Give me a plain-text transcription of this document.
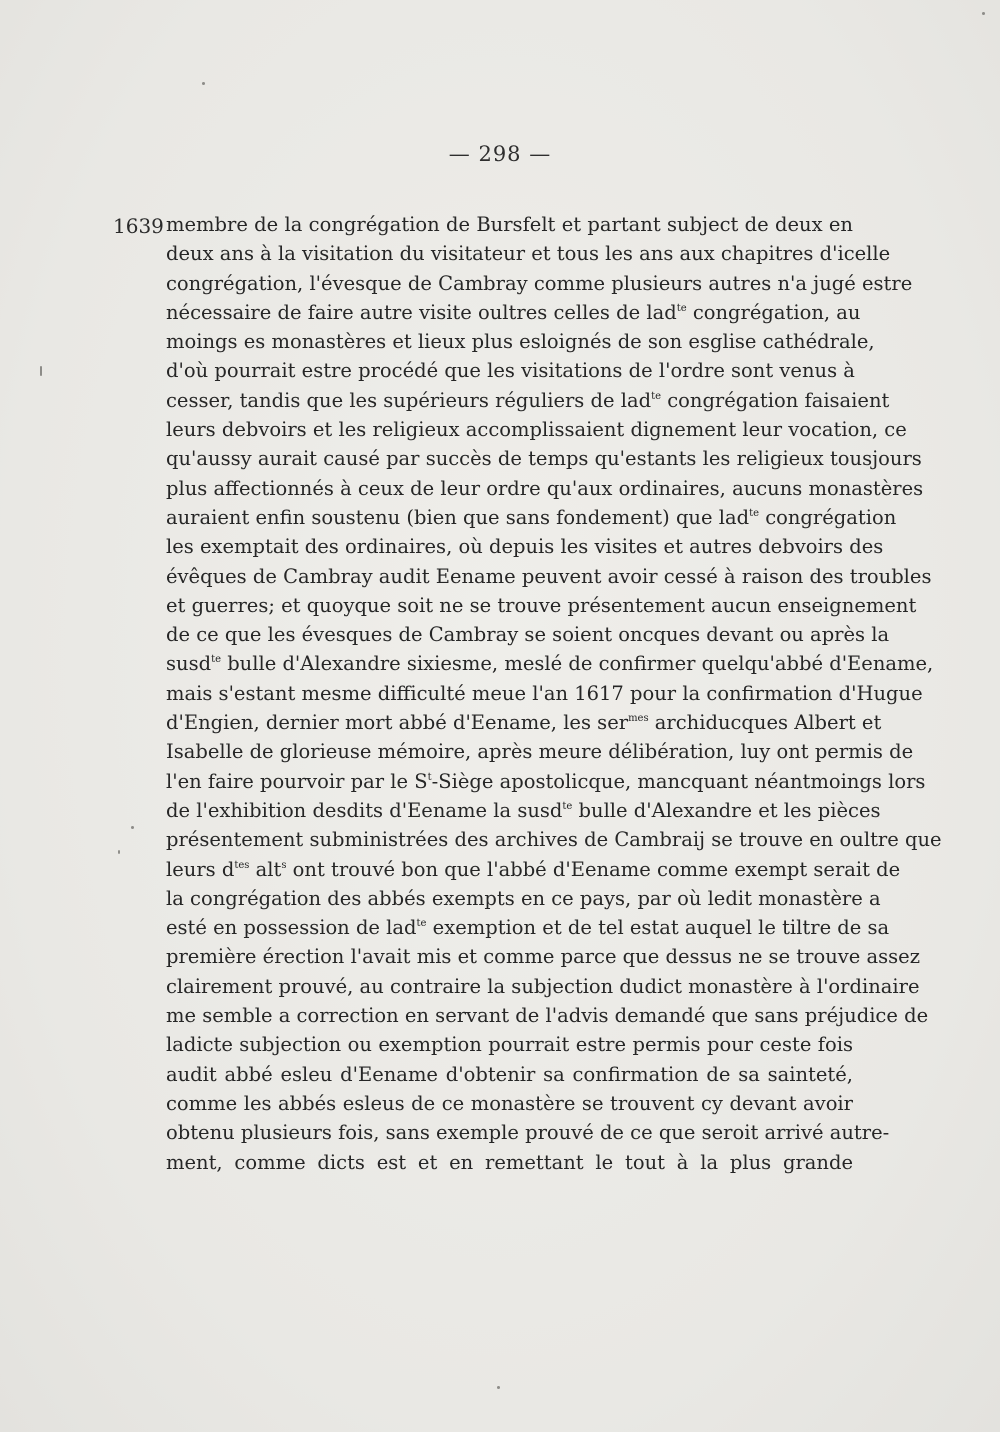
— 298 —
1639 membre de la congrégation de Bursfelt et partant subject de deux en
deux ans à la visitation du visitateur et tous les ans aux chapitres d'icelle
congrégation, l'évesque de Cambray comme plusieurs autres n'a jugé estre
nécessaire de faire autre visite oultres celles de lad$^{te}$ congrégation, au
moings es monastères et lieux plus esloignés de son esglise cathédrale,
d'où pourrait estre procédé que les visitations de l'ordre sont venus à
cesser, tandis que les supérieurs réguliers de lad$^{te}$ congrégation faisaient
leurs debvoirs et les religieux accomplissaient dignement leur vocation, ce
qu'aussy aurait causé par succès de temps qu'estants les religieux tousjours
plus affectionnés à ceux de leur ordre qu'aux ordinaires, aucuns monastères
auraient enfin soustenu (bien que sans fondement) que lad$^{te}$ congrégation
les exemptait des ordinaires, où depuis les visites et autres debvoirs des
évêques de Cambray audit Eename peuvent avoir cessé à raison des troubles
et guerres; et quoyque soit ne se trouve présentement aucun enseignement
de ce que les évesques de Cambray se soient oncques devant ou après la
susd$^{te}$ bulle d'Alexandre sixiesme, meslé de confirmer quelqu'abbé d'Eename,
mais s'estant mesme difficulté meue l'an 1617 pour la confirmation d'Hugue
d'Engien, dernier mort abbé d'Eename, les ser$^{mes}$ archiducques Albert et
Isabelle de glorieuse mémoire, après meure délibération, luy ont permis de
l'en faire pourvoir par le $S^t$-Siège apostolicque, mancquant néantmoings lors
de l'exhibition desdits d'Eename la susd$^{te}$ bulle d'Alexandre et les pièces
présentement subministrées des archives de Cambraij se trouve en oultre que
leurs $d^{tes}$ alt$^s$ ont trouvé bon que l'abbé d'Eename comme exempt serait de
la congrégation des abbés exempts en ce pays, par où ledit monastère a
esté en possession de lad$^{te}$ exemption et de tel estat auquel le tiltre de sa
première érection l'avait mis et comme parce que dessus ne se trouve assez
clairement prouvé, au contraire la subjection dudict monastère à l'ordinaire
me semble a correction en servant de l'advis demandé que sans préjudice de
ladicte subjection ou exemption pourrait estre permis pour ceste fois
audit abbé esleu d'Eename d'obtenir sa confirmation de sa sainteté,
comme les abbés esleus de ce monastère se trouvent cy devant avoir
obtenu plusieurs fois, sans exemple prouvé de ce que seroit arrivé autre-
ment, comme dicts est et en remettant le tout à la plus grande
